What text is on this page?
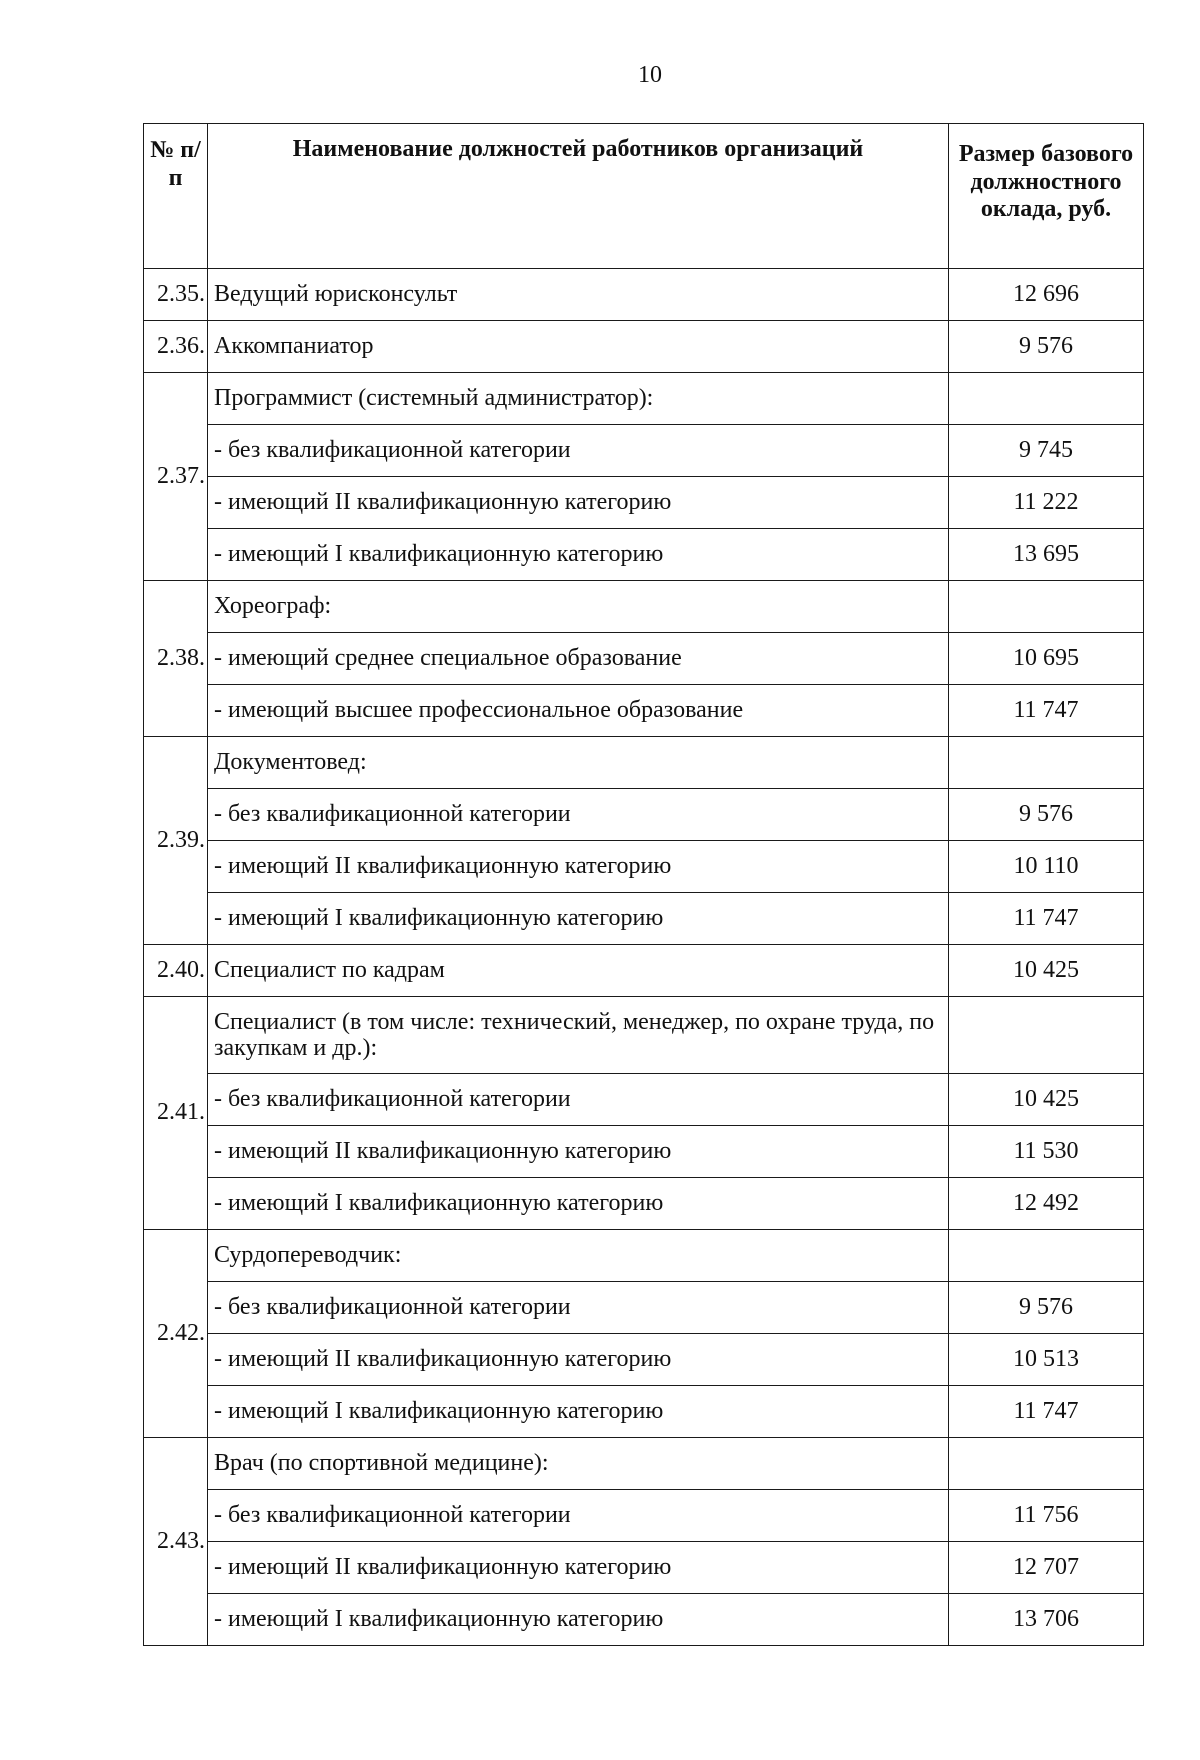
10
№ п/п	Наименование должностей работников организаций	Размер базового должностного оклада, руб.
2.35.	Ведущий юрисконсульт	12 696
2.36.	Аккомпаниатор	9 576
2.37.	Программист (системный администратор):	
	- без квалификационной категории	9 745
	- имеющий II квалификационную категорию	11 222
	- имеющий I квалификационную категорию	13 695
2.38.	Хореограф:	
	- имеющий среднее специальное образование	10 695
	- имеющий высшее профессиональное образование	11 747
2.39.	Документовед:	
	- без квалификационной категории	9 576
	- имеющий II квалификационную категорию	10 110
	- имеющий I квалификационную категорию	11 747
2.40.	Специалист по кадрам	10 425
2.41.	Специалист (в том числе: технический, менеджер, по охране труда, по закупкам и др.):	
	- без квалификационной категории	10 425
	- имеющий II квалификационную категорию	11 530
	- имеющий I квалификационную категорию	12 492
2.42.	Сурдопереводчик:	
	- без квалификационной категории	9 576
	- имеющий II квалификационную категорию	10 513
	- имеющий I квалификационную категорию	11 747
2.43.	Врач (по спортивной медицине):	
	- без квалификационной категории	11 756
	- имеющий II квалификационную категорию	12 707
	- имеющий I квалификационную категорию	13 706
